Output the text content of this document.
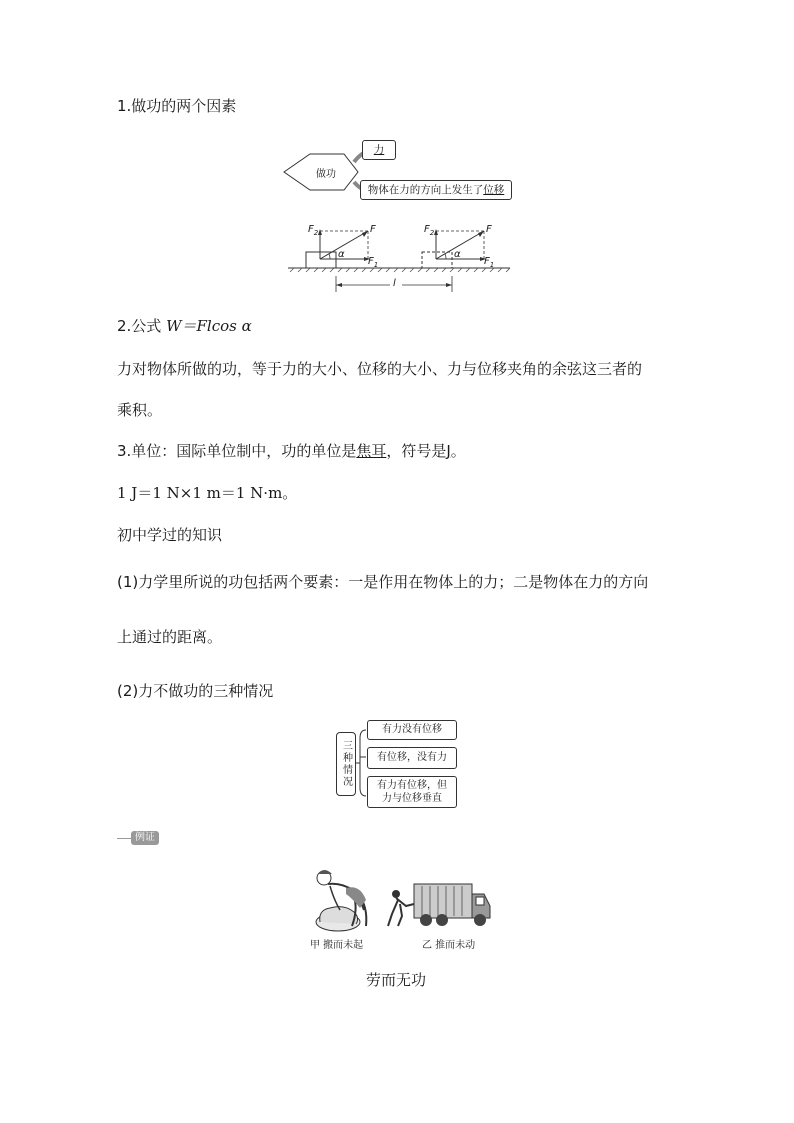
1.做功的两个因素
做功
力
物体在力的方向上发生了 位移
$F_2$	F
α
$F_1$
$F_2$	F
α
$F_1$
l
2.公式 W＝Flcos α
力对物体所做的功，等于力的大小、位移的大小、力与位移夹角的余弦这三者的
乘积。
3.单位：国际单位制中，功的单位是焦耳，符号是J。
1 J＝1 N×1 m＝1 N·m。
初中学过的知识
(1)力学里所说的功包括两个要素：一是作用在物体上的力；二是物体在力的方向
上通过的距离。
(2)力不做功的三种情况
三种情况
有力没有位移
有位移，没有力
有力有位移，但
力与位移垂直
例证
甲 搬而未起	乙 推而未动
劳而无功
